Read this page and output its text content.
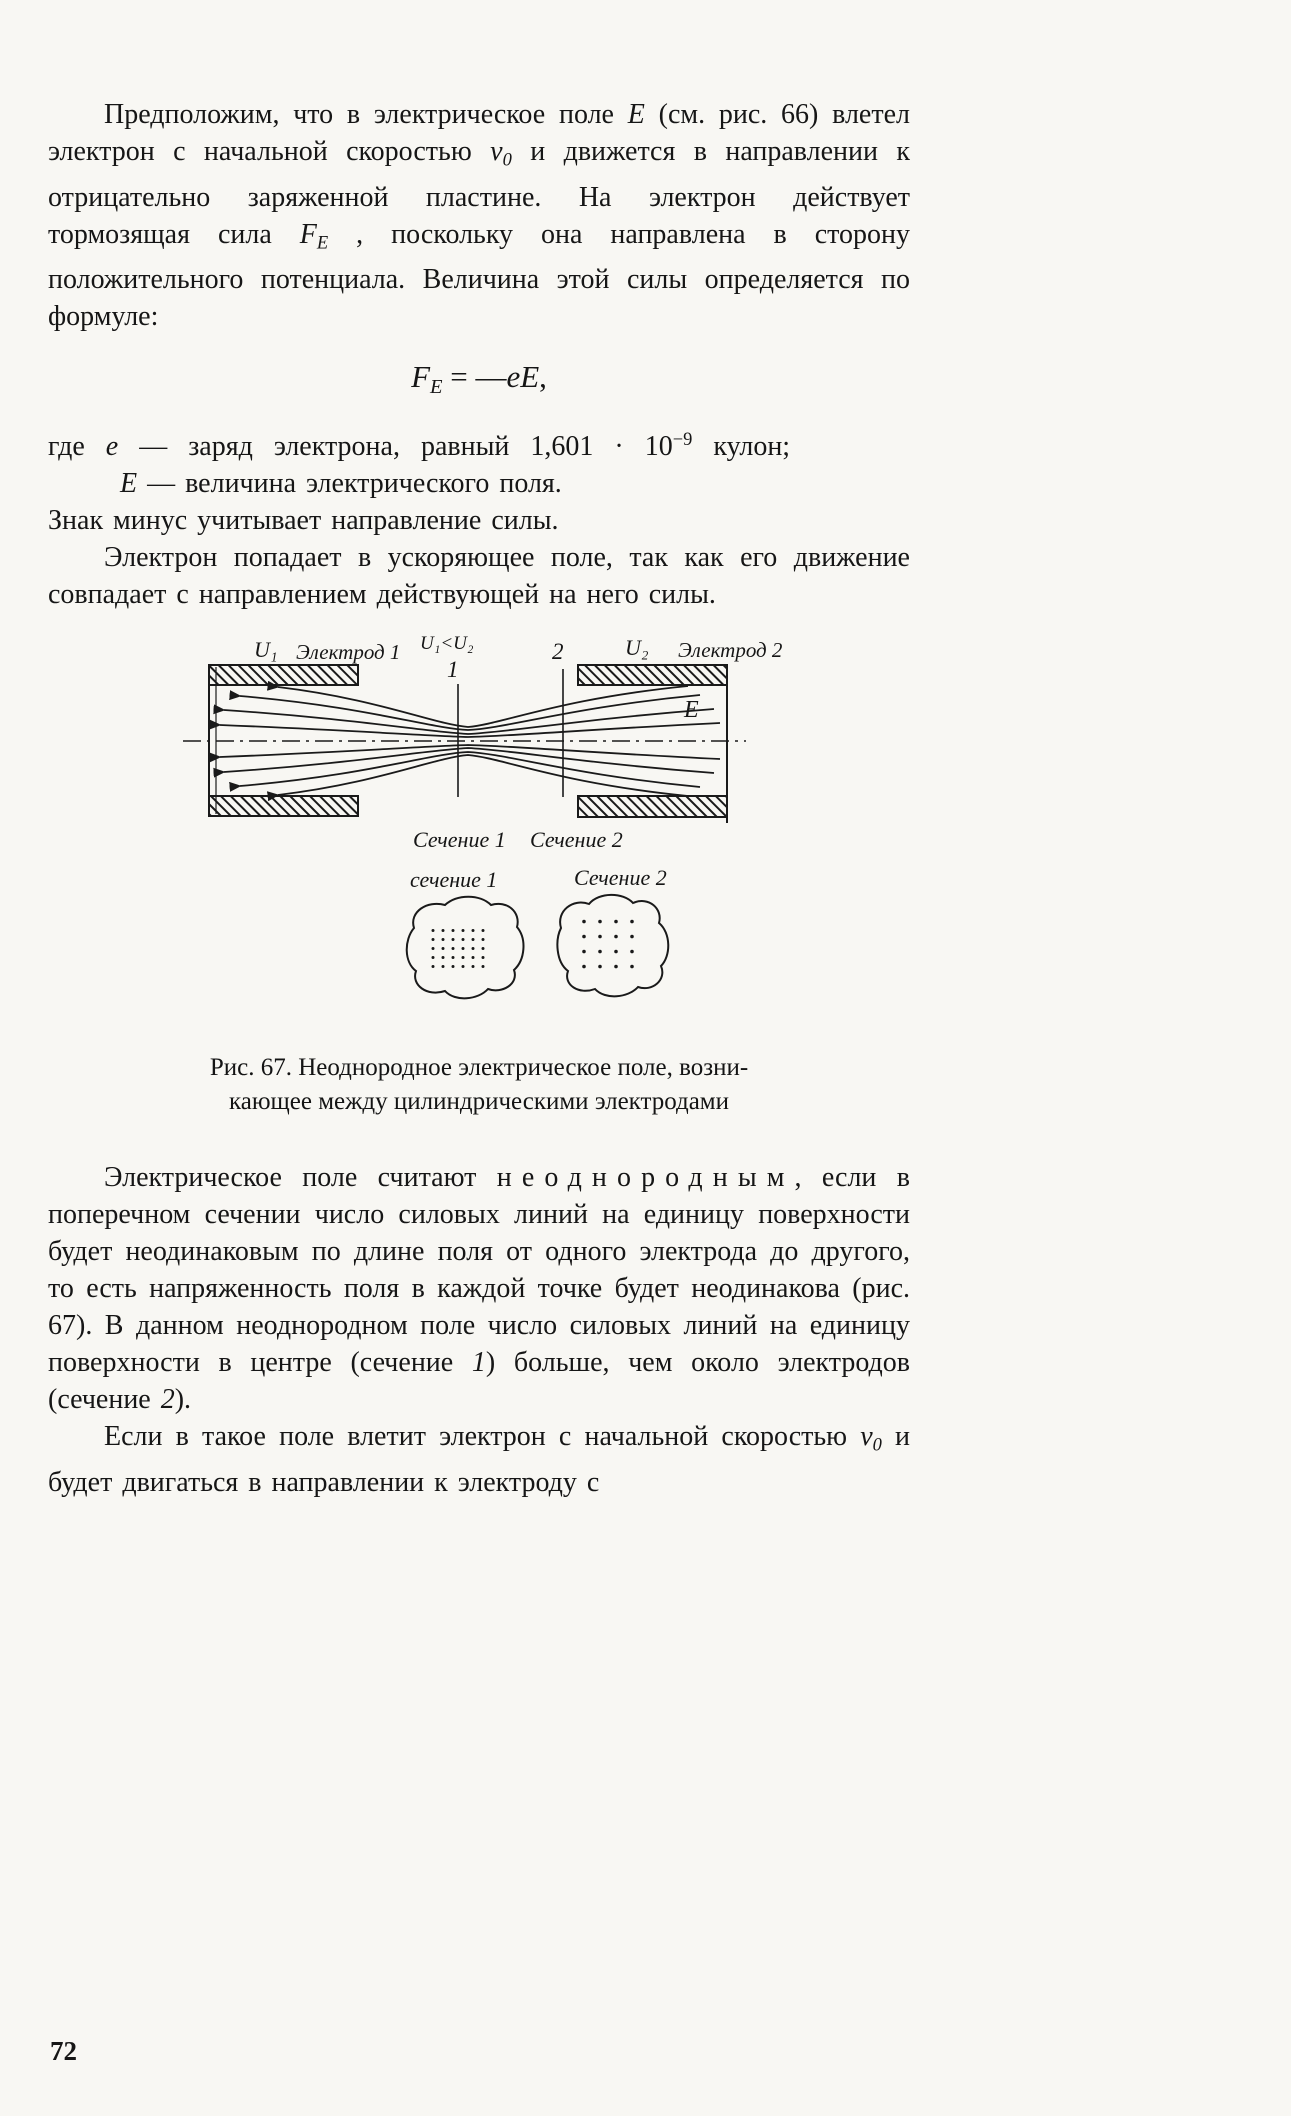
Предположим, что в электрическое поле E (см. рис. 66) влетел электрон с начальной скоростью $v_0$ и движется в направлении к отрицательно заряженной пластине. На электрон действует тормозящая сила $F_E$ , поскольку она направлена в сторону положительного потенциала. Величина этой силы определяется по формуле:

$F_E$ = —eE,

где e — заряд электрона, равный $1,601 \cdot 10^{-9}$ кулон;

E — величина электрического поля.

Знак минус учитывает направление силы.

Электрон попадает в ускоряющее поле, так как его движение совпадает с направлением действующей на него силы.

U₁ Электрод 1 U₁<U₂
1
2	U₂ Электрод 2
E
Сечение 1 Сечение 2
сечение 1	Сечение 2
Рис. 67. Неоднородное электрическое поле, возни-
кающее между цилиндрическими электродами

Электрическое поле считают неоднородным, если в поперечном сечении число силовых линий на единицу поверхности будет неодинаковым по длине поля от одного электрода до другого, то есть напряженность поля в каждой точке будет неодинакова (рис. 67). В данном неоднородном поле число силовых линий на единицу поверхности в центре (сечение 1) больше, чем около электродов (сечение 2).

Если в такое поле влетит электрон с начальной скоростью $v_0$ и будет двигаться в направлении к электроду с

72
